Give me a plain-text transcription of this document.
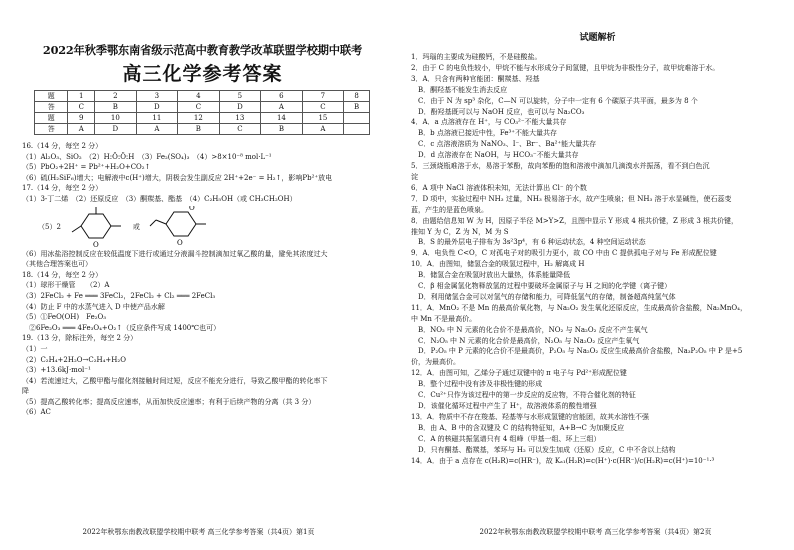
2022年秋季鄂东南省级示范高中教育教学改革联盟学校期中联考

高三化学参考答案

题	1	2	3	4	5	6	7	8
答	C	B	D	C	D	A	C	B
题	9	10	11	12	13	14	15	
答	A	D	A	B	C	B	A	
16.（14 分，每空 2 分）
（1）Al₂O₃、SiO₂　（2）H:Ö:Ö:H　（3）Fe₂(SO₄)₃　（4）>8×10⁻⁸ mol·L⁻¹
（5）PbO₂+2H⁺ = Pb²⁺+H₂O+CO₂↑
（6）硫(H₂SiF₆)增大；电解液中c(H⁺)增大，阴极会发生副反应 2H⁺+2e⁻ = H₂↑，影响Pb²⁺放电
17.（14 分，每空 2 分）
（1）3-丁二烯　（2）还原反应　（3）酮羰基、酯基　（4）C₂H₅OH（或 CH₃CH₂OH）
（5）2
O
或
O
O
（6）用冰盐浴控制反应在较低温度下进行或通过分液漏斗控制滴加过氧乙酸的量，避免其浓度过大
（其他合理答案也可）
18.（14 分，每空 2 分）
（1）球形干燥管　　（2）A
（3）2FeCl₂ + Fe ═══ 3FeCl₂，2FeCl₂ + Cl₂ ═══ 2FeCl₃
（4）防止 F 中的水蒸气进入 D 中使产品水解
（5）①FeO(OH)　Fe₂O₃
　②6Fe₂O₃ ═══ 4Fe₃O₄+O₂↑（反应条件写成 1400℃也可）
19.（13 分，除标注外，每空 2 分）
（1）一
（2）C₂H₄+2H₂O→C₂H₄+H₂O
（3）+13.6kJ·mol⁻¹
（4）若流速过大，乙酸甲酯与催化剂接触时间过短，反应不能充分进行，导致乙酸甲酯的转化率下
降
（5）提高乙酸转化率；提高反应速率，从而加快反应速率；有利于后续产物的分离（共 3 分）
（6）AC
2022年秋鄂东南教改联盟学校期中联考 高三化学参考答案（共4页）第1页
试题解析
1．玛瑙的主要成为硅酸钙，不是硅酸盐。
2．由于 C 的电负性较小，甲烷不能与水形成分子间氢键，且甲烷为非极性分子，故甲烷难溶于水。
3．A．只含有两种官能团：酮羰基、羟基
　B．酮羟基不能发生消去反应
　C．由于 N 为 sp³ 杂化，C—N 可以旋转，分子中一定有 6 个碳原子共平面，最多为 8 个
　D．酚羟基既可以与 NaOH 反应，也可以与 Na₂CO₃
4．A．a 点溶液存在 H⁺，与 CO₃²⁻不能大量共存
　B．b 点溶液已接近中性，Fe³⁺不能大量共存
　C．c 点溶液溶质为 NaNO₃、I⁻、Br⁻、Ba²⁺能大量共存
　D．d 点溶液存在 NaOH，与 HCO₃⁻不能大量共存
5．三颈烧瓶难溶于水，易溶于苯酚，故向苯酚的饱和溶液中滴加几滴溴水并振荡，看不到白色沉
淀
6．A 项中 NaCl 溶液体积未知，无法计算出 Cl⁻ 的个数
7．D 项中，实验过程中 NH₃ 过量，NH₃ 极易溶于水，故产生喷泉；但 NH₃ 溶于水显碱性，使石蕊变
蓝，产生的是蓝色喷泉。
8．由题给信息知 W 为 H，因原子半径 M>Y>Z，且图中显示 Y 形成 4 根共价键，Z 形成 3 根共价键，
推知 Y 为 C，Z 为 N，M 为 S
　B．S 的最外层电子排布为 3s²3p⁴，有 6 种运动状态，4 种空间运动状态
9．A．电负性 C<O，C 对孤电子对的吸引力更小，故 CO 中由 C 提供孤电子对与 Fe 形成配位键
10．A．由图知，储氢合金的吸氢过程中，H₂ 解离成 H
　B．储氢合金在吸氢时放出大量热，体系能量降低
　C．β 相金属氢化物释放氢的过程中要破坏金属原子与 H 之间的化学键（离子键）
　D．利用储氢合金可以对氢气的存储和能力，可降低氢气的存储，制备超高纯氢气体
11．A．MnO₂ 不是 Mn 的最高价氧化物，与 Na₂O₂ 发生氧化还原反应，生成最高价含盐酸，Na₂MnO₄，
中 Mn 不是最高价。
　B．NO₂ 中 N 元素的化合价不是最高价，NO₂ 与 Na₂O₂ 反应不产生氧气
　C．N₂O₅ 中 N 元素的化合价是最高价，N₂O₅ 与 Na₂O₂ 反应产生氧气
　D．P₂O₅ 中 P 元素的化合价不是最高价，P₂O₅ 与 Na₂O₂ 反应生成最高价含盐酸，Na₃P₂O₅ 中 P 是+5
价，为最高价。
12．A．由图可知，乙烯分子通过双键中的 π 电子与 Pd²⁺形成配位键
　B．整个过程中没有涉及非极性键的形成
　C．Cu²⁺只作为该过程中的第一步反应的反应物，不符合催化剂的特征
　D．该催化循环过程中产生了 H⁺，故溶液体系的酸性增强
13．A．物质中不存在羧基、羟基等与水形成氢键的官能团，故其水溶性不强
　B．由 A、B 中的含双键及 C 的结构特征知，A+B→C 为加聚反应
　C．A 的核磁共振氢谱只有 4 组峰（甲基一组、环上三组）
　D．只有酮基、酯羰基，苯环与 H₂ 可以发生加成（还原）反应，C 中不含以上结构
14．A．由于 a 点存在 c(H₂R)=c(HR⁻)，故 Kₐ₁(H₂R)=c(H⁺)·c(HR⁻)/c(H₂R)=c(H⁺)=10⁻¹·³
2022年秋鄂东南教改联盟学校期中联考 高三化学参考答案（共4页）第2页
